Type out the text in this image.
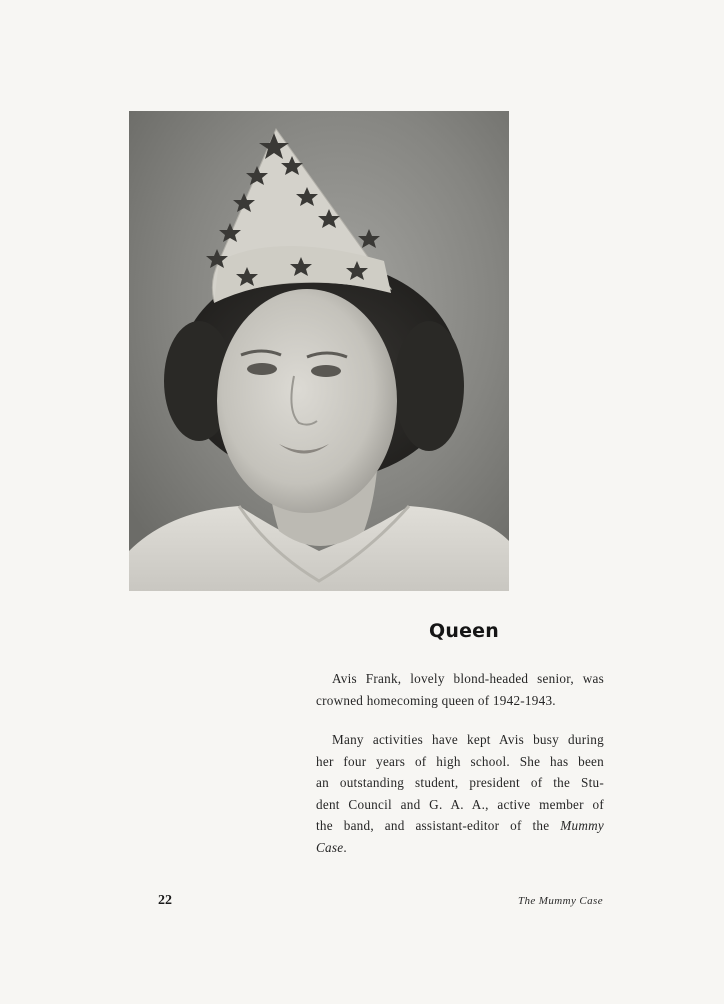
Queen

Avis Frank, lovely blond-headed senior, was
crowned homecoming queen of 1942-1943.

Many activities have kept Avis busy during
her four years of high school. She has been
an outstanding student, president of the Stu-
dent Council and G. A. A., active member of
the band, and assistant-editor of the Mummy
Case.

22	The Mummy Case
